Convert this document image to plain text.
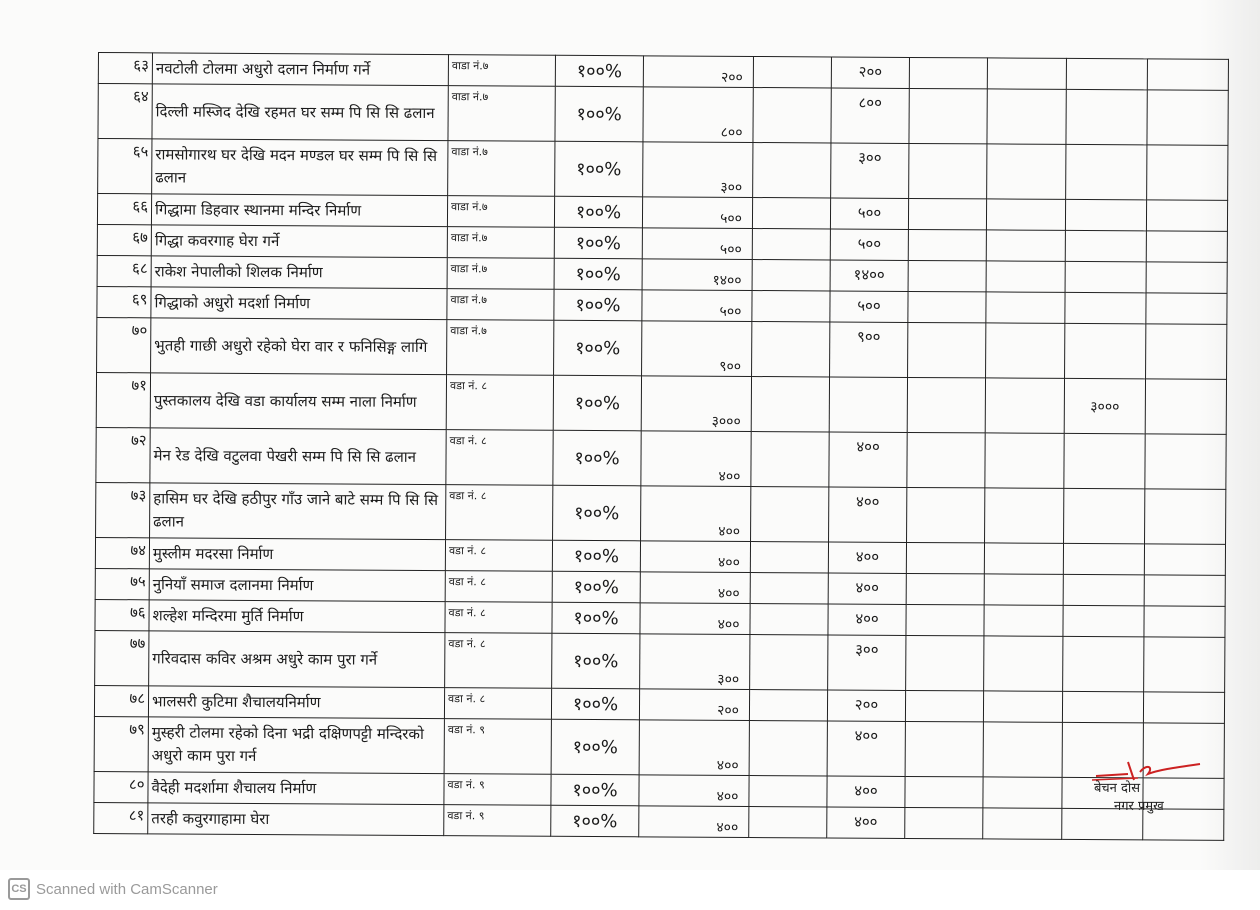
६३	नवटोली टोलमा अधुरो दलान निर्माण गर्ने	वाडा नं.७	१००%	२००		२००				
६४	दिल्ली मस्जिद देखि रहमत घर सम्म पि सि सि ढलान	वाडा नं.७	१००%	८००		८००				
६५	रामसोगारथ घर देखि मदन मण्डल घर सम्म पि सि सि ढलान	वाडा नं.७	१००%	३००		३००				
६६	गिद्धामा डिहवार स्थानमा मन्दिर निर्माण	वाडा नं.७	१००%	५००		५००				
६७	गिद्धा कवरगाह घेरा गर्ने	वाडा नं.७	१००%	५००		५००				
६८	राकेश नेपालीको शिलक निर्माण	वाडा नं.७	१००%	१४००		१४००				
६९	गिद्धाको अधुरो मदर्शा निर्माण	वाडा नं.७	१००%	५००		५००				
७०	भुतही गाछी अधुरो रहेको घेरा वार र फनिसिङ्ग लागि	वाडा नं.७	१००%	९००		९००				
७१	पुस्तकालय देखि वडा कार्यालय सम्म नाला निर्माण	वडा नं. ८	१००%	३०००					३०००	
७२	मेन रेड देखि वटुलवा पेखरी सम्म पि सि सि ढलान	वडा नं. ८	१००%	४००		४००				
७३	हासिम घर देखि हठीपुर गाँउ जाने बाटे सम्म पि सि सि ढलान	वडा नं. ८	१००%	४००		४००				
७४	मुस्लीम मदरसा निर्माण	वडा नं. ८	१००%	४००		४००				
७५	नुनियाँ समाज दलानमा निर्माण	वडा नं. ८	१००%	४००		४००				
७६	शल्हेश मन्दिरमा मुर्ति निर्माण	वडा नं. ८	१००%	४००		४००				
७७	गरिवदास कविर अश्रम अधुरे काम पुरा गर्ने	वडा नं. ८	१००%	३००		३००				
७८	भालसरी कुटिमा शैचालयनिर्माण	वडा नं. ८	१००%	२००		२००				
७९	मुस्हरी टोलमा रहेको दिना भद्री दक्षिणपट्टी मन्दिरको अधुरो काम पुरा गर्न	वडा नं. ९	१००%	४००		४००				
८०	वैदेही मदर्शामा शैचालय निर्माण	वडा नं. ९	१००%	४००		४००				
८१	तरही कवुरगाहामा घेरा	वडा नं. ९	१००%	४००		४००				
बेचन दोस
नगर प्रमुख
CS Scanned with CamScanner
